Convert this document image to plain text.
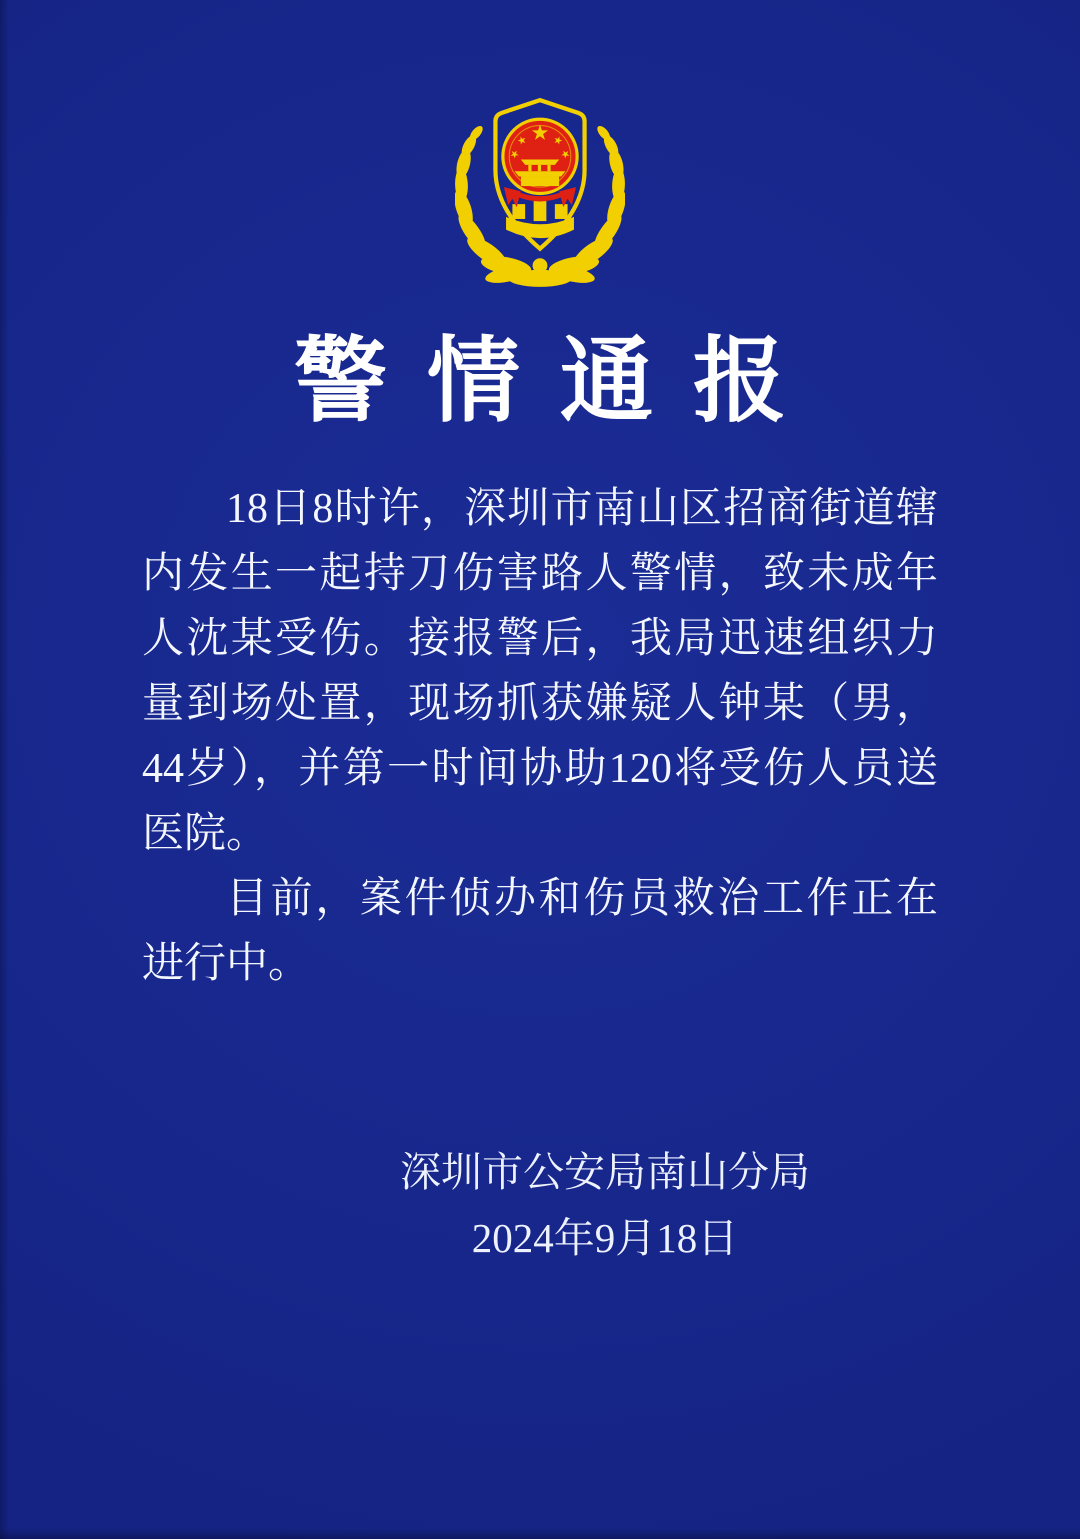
警情通报

18日8时许，深圳市南山区招商街道辖内发生一起持刀伤害路人警情，致未成年人沈某受伤。接报警后，我局迅速组织力量到场处置，现场抓获嫌疑人钟某（男，44岁），并第一时间协助120将受伤人员送医院。

目前，案件侦办和伤员救治工作正在进行中。

深圳市公安局南山分局

2024年9月18日
